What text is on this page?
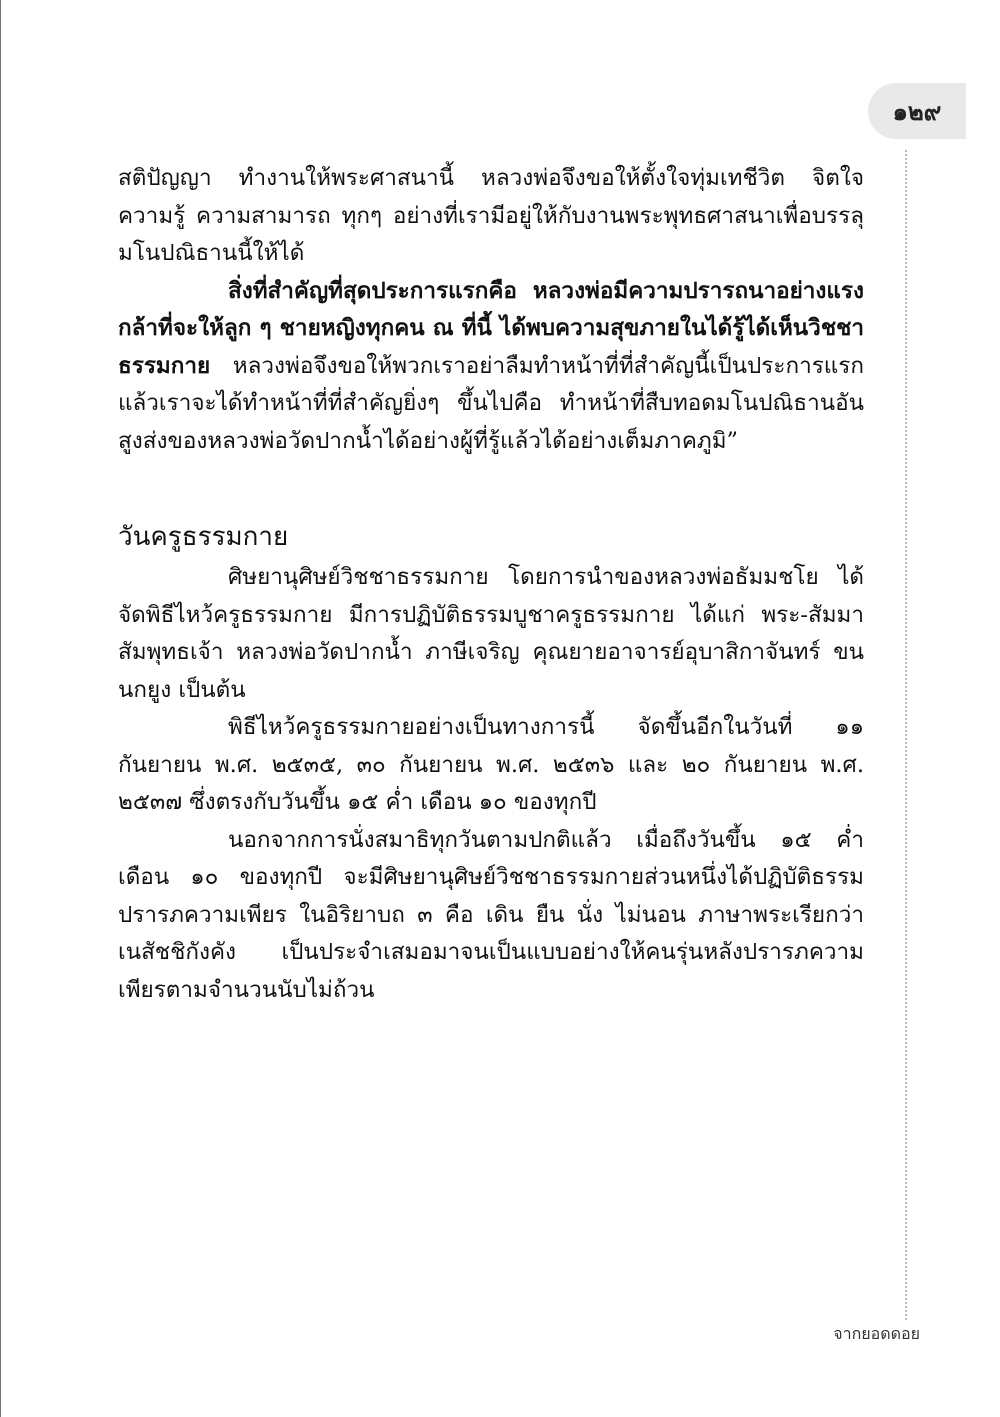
๑๒๙

สติปัญญา ทำงานให้พระศาสนานี้ หลวงพ่อจึงขอให้ตั้งใจทุ่มเทชีวิต จิตใจ ความรู้ ความสามารถ ทุกๆ อย่างที่เรามีอยู่ให้กับงานพระพุทธศาสนาเพื่อบรรลุมโนปณิธานนี้ให้ได้

สิ่งที่สำคัญที่สุดประการแรกคือ หลวงพ่อมีความปรารถนาอย่างแรงกล้าที่จะให้ลูก ๆ ชายหญิงทุกคน ณ ที่นี้ ได้พบความสุขภายในได้รู้ได้เห็นวิชชาธรรมกาย หลวงพ่อจึงขอให้พวกเราอย่าลืมทำหน้าที่ที่สำคัญนี้เป็นประการแรก แล้วเราจะได้ทำหน้าที่ที่สำคัญยิ่งๆ ขึ้นไปคือ ทำหน้าที่สืบทอดมโนปณิธานอันสูงส่งของหลวงพ่อวัดปากน้ำได้อย่างผู้ที่รู้แล้วได้อย่างเต็มภาคภูมิ”

วันครูธรรมกาย

ศิษยานุศิษย์วิชชาธรรมกาย โดยการนำของหลวงพ่อธัมมชโย ได้จัดพิธีไหว้ครูธรรมกาย มีการปฏิบัติธรรมบูชาครูธรรมกาย ได้แก่ พระ-สัมมาสัมพุทธเจ้า หลวงพ่อวัดปากน้ำ ภาษีเจริญ คุณยายอาจารย์อุบาสิกาจันทร์ ขนนกยูง เป็นต้น

พิธีไหว้ครูธรรมกายอย่างเป็นทางการนี้ จัดขึ้นอีกในวันที่ ๑๑ กันยายน พ.ศ. ๒๕๓๕, ๓๐ กันยายน พ.ศ. ๒๕๓๖ และ ๒๐ กันยายน พ.ศ. ๒๕๓๗ ซึ่งตรงกับวันขึ้น ๑๕ ค่ำ เดือน ๑๐ ของทุกปี

นอกจากการนั่งสมาธิทุกวันตามปกติแล้ว เมื่อถึงวันขึ้น ๑๕ ค่ำ เดือน ๑๐ ของทุกปี จะมีศิษยานุศิษย์วิชชาธรรมกายส่วนหนึ่งได้ปฏิบัติธรรมปรารภความเพียร ในอิริยาบถ ๓ คือ เดิน ยืน นั่ง ไม่นอน ภาษาพระเรียกว่า เนสัชชิกังคัง เป็นประจำเสมอมาจนเป็นแบบอย่างให้คนรุ่นหลังปรารภความเพียรตามจำนวนนับไม่ถ้วน

จากยอดดอย
